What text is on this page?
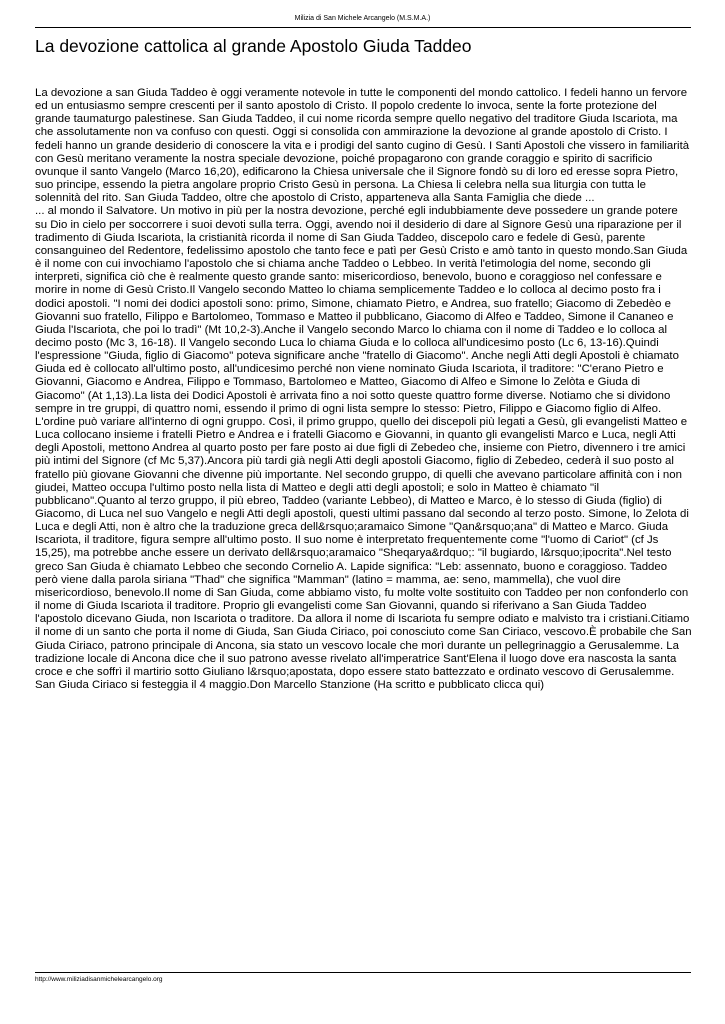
Milizia di San Michele Arcangelo (M.S.M.A.)
La devozione cattolica al grande Apostolo Giuda Taddeo

La devozione a san Giuda Taddeo è oggi veramente notevole in tutte le componenti del mondo cattolico. I fedeli hanno un fervore ed un entusiasmo sempre crescenti per il santo apostolo di Cristo. Il popolo credente lo invoca, sente la forte protezione del grande taumaturgo palestinese. San Giuda Taddeo, il cui nome ricorda sempre quello negativo del traditore Giuda Iscariota, ma che assolutamente non va confuso con questi. Oggi si consolida con ammirazione la devozione al grande apostolo di Cristo. I fedeli hanno un grande desiderio di conoscere la vita e i prodigi del santo cugino di Gesù. I Santi Apostoli che vissero in familiarità con Gesù meritano veramente la nostra speciale devozione, poiché propagarono con grande coraggio e spirito di sacrificio ovunque il santo Vangelo (Marco 16,20), edificarono la Chiesa universale che il Signore fondò su di loro ed eresse sopra Pietro, suo principe, essendo la pietra angolare proprio Cristo Gesù in persona. La Chiesa li celebra nella sua liturgia con tutta le solennità del rito. San Giuda Taddeo, oltre che apostolo di Cristo, apparteneva alla Santa Famiglia che diede ...

... al mondo il Salvatore. Un motivo in più per la nostra devozione, perché egli indubbiamente deve possedere un grande potere su Dio in cielo per soccorrere i suoi devoti sulla terra. Oggi, avendo noi il desiderio di dare al Signore Gesù una riparazione per il tradimento di Giuda Iscariota, la cristianità ricorda il nome di San Giuda Taddeo, discepolo caro e fedele di Gesù, parente consanguineo del Redentore, fedelissimo apostolo che tanto fece e patì per Gesù Cristo e amò tanto in questo mondo.San Giuda è il nome con cui invochiamo l'apostolo che si chiama anche Taddeo o Lebbeo. In verità l'etimologia del nome, secondo gli interpreti, significa ciò che è realmente questo grande santo: misericordioso, benevolo, buono e coraggioso nel confessare e morire in nome di Gesù Cristo.Il Vangelo secondo Matteo lo chiama semplicemente Taddeo e lo colloca al decimo posto fra i dodici apostoli. "I nomi dei dodici apostoli sono: primo, Simone, chiamato Pietro, e Andrea, suo fratello; Giacomo di Zebedèo e Giovanni suo fratello, Filippo e Bartolomeo, Tommaso e Matteo il pubblicano, Giacomo di Alfeo e Taddeo, Simone il Cananeo e Giuda l'Iscariota, che poi lo tradì" (Mt 10,2-3).Anche il Vangelo secondo Marco lo chiama con il nome di Taddeo e lo colloca al decimo posto (Mc 3, 16-18). Il Vangelo secondo Luca lo chiama Giuda e lo colloca all'undicesimo posto (Lc 6, 13-16).Quindi l'espressione "Giuda, figlio di Giacomo" poteva significare anche "fratello di Giacomo". Anche negli Atti degli Apostoli è chiamato Giuda ed è collocato all'ultimo posto, all'undicesimo perché non viene nominato Giuda Iscariota, il traditore: "C'erano Pietro e Giovanni, Giacomo e Andrea, Filippo e Tommaso, Bartolomeo e Matteo, Giacomo di Alfeo e Simone lo Zelòta e Giuda di Giacomo" (At 1,13).La lista dei Dodici Apostoli è arrivata fino a noi sotto queste quattro forme diverse. Notiamo che si dividono sempre in tre gruppi, di quattro nomi, essendo il primo di ogni lista sempre lo stesso: Pietro, Filippo e Giacomo figlio di Alfeo. L'ordine può variare all'interno di ogni gruppo. Così, il primo gruppo, quello dei discepoli più legati a Gesù, gli evangelisti Matteo e Luca collocano insieme i fratelli Pietro e Andrea e i fratelli Giacomo e Giovanni, in quanto gli evangelisti Marco e Luca, negli Atti degli Apostoli, mettono Andrea al quarto posto per fare posto ai due figli di Zebedeo che, insieme con Pietro, divennero i tre amici più intimi del Signore (cf Mc 5,37).Ancora più tardi già negli Atti degli apostoli Giacomo, figlio di Zebedeo, cederà il suo posto al fratello più giovane Giovanni che divenne più importante. Nel secondo gruppo, di quelli che avevano particolare affinità con i non giudei, Matteo occupa l'ultimo posto nella lista di Matteo e degli atti degli apostoli; e solo in Matteo è chiamato "il pubblicano".Quanto al terzo gruppo, il più ebreo, Taddeo (variante Lebbeo), di Matteo e Marco, è lo stesso di Giuda (figlio) di Giacomo, di Luca nel suo Vangelo e negli Atti degli apostoli, questi ultimi passano dal secondo al terzo posto. Simone, lo Zelota di Luca e degli Atti, non è altro che la traduzione greca dell&rsquo;aramaico Simone "Qan&rsquo;ana" di Matteo e Marco. Giuda Iscariota, il traditore, figura sempre all'ultimo posto. Il suo nome è interpretato frequentemente come "l'uomo di Cariot" (cf Js 15,25), ma potrebbe anche essere un derivato dell&rsquo;aramaico "Sheqarya&rdquo;: "il bugiardo, l&rsquo;ipocrita".Nel testo greco San Giuda è chiamato Lebbeo che secondo Cornelio A. Lapide significa: "Leb: assennato, buono e coraggioso. Taddeo però viene dalla parola siriana "Thad" che significa "Mamman" (latino = mamma, ae: seno, mammella), che vuol dire misericordioso, benevolo.Il nome di San Giuda, come abbiamo visto, fu molte volte sostituito con Taddeo per non confonderlo con il nome di Giuda Iscariota il traditore. Proprio gli evangelisti come San Giovanni, quando si riferivano a San Giuda Taddeo l'apostolo dicevano Giuda, non Iscariota o traditore. Da allora il nome di Iscariota fu sempre odiato e malvisto tra i cristiani.Citiamo il nome di un santo che porta il nome di Giuda, San Giuda Ciriaco, poi conosciuto come San Ciriaco, vescovo.È probabile che San Giuda Ciriaco, patrono principale di Ancona, sia stato un vescovo locale che morì durante un pellegrinaggio a Gerusalemme. La tradizione locale di Ancona dice che il suo patrono avesse rivelato all'imperatrice Sant'Elena il luogo dove era nascosta la santa croce e che soffrì il martirio sotto Giuliano l&rsquo;apostata, dopo essere stato battezzato e ordinato vescovo di Gerusalemme. San Giuda Ciriaco si festeggia il 4 maggio.Don Marcello Stanzione (Ha scritto e pubblicato clicca qui)

http://www.miliziadisanmichelearcangelo.org
